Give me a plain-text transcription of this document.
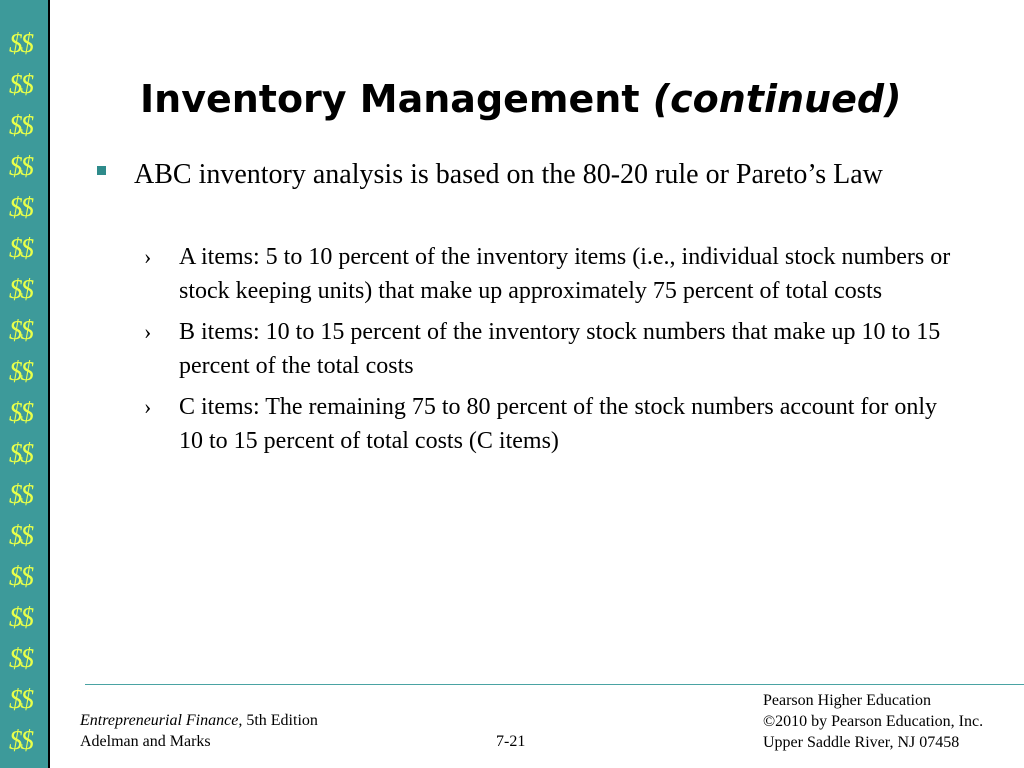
$$
$$
$$
$$
$$
$$
$$
$$
$$
$$
$$
$$
$$
$$
$$
$$
$$
$$
Inventory Management (continued)
ABC inventory analysis is based on the 80-20 rule or Pareto’s Law
› A items: 5 to 10 percent of the inventory items (i.e., individual stock numbers or stock keeping units) that make up approximately 75 percent of total costs
› B items: 10 to 15 percent of the inventory stock numbers that make up 10 to 15 percent of the total costs
› C items: The remaining 75 to 80 percent of the stock numbers account for only 10 to 15 percent of total costs (C items)
Entrepreneurial Finance, 5th Edition
Adelman and Marks	7-21
Pearson Higher Education
©2010 by Pearson Education, Inc.
Upper Saddle River, NJ 07458
